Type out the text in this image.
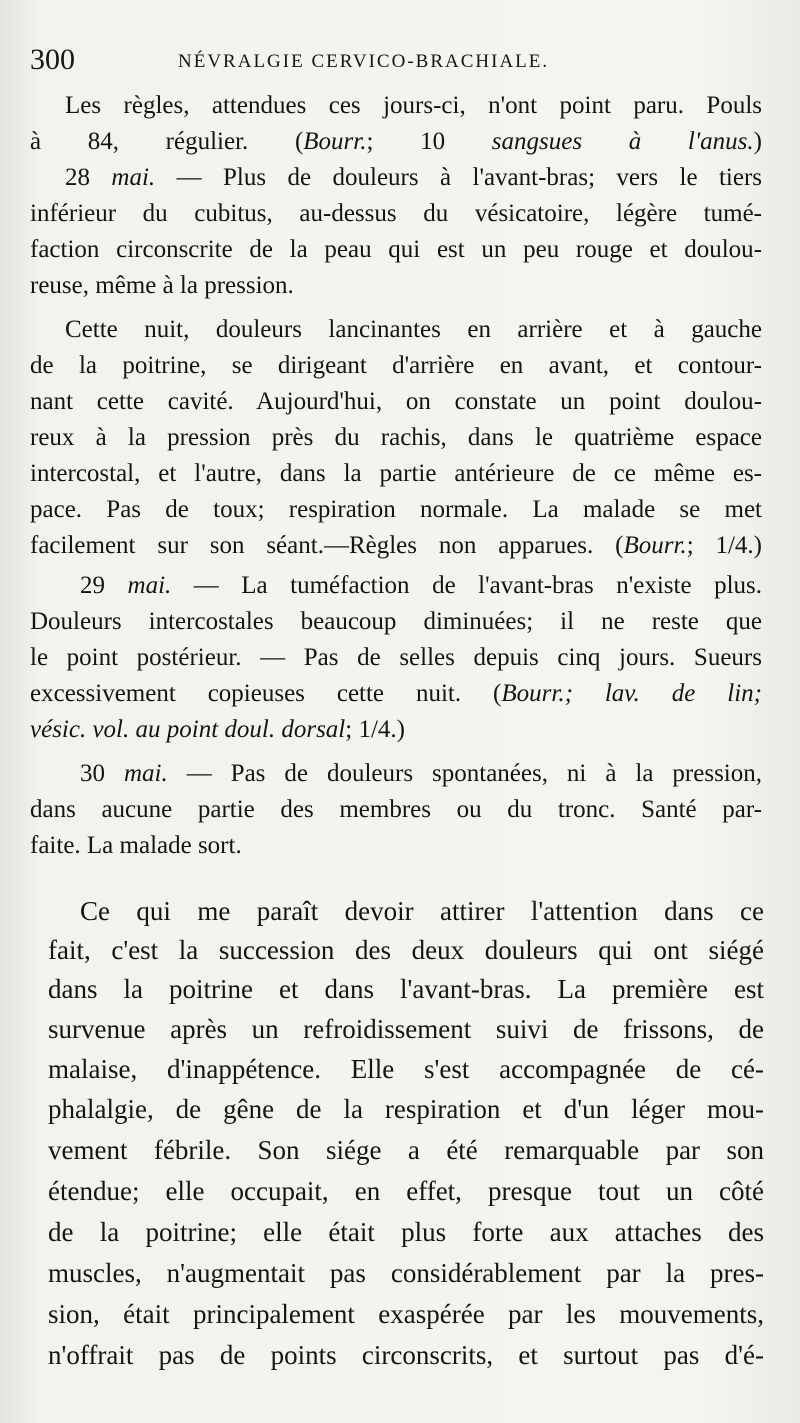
300	NÉVRALGIE CERVICO-BRACHIALE.
Les règles, attendues ces jours-ci, n'ont point paru. Pouls
à 84, régulier. (Bourr.; 10 sangsues à l'anus.)
28 mai. — Plus de douleurs à l'avant-bras; vers le tiers
inférieur du cubitus, au-dessus du vésicatoire, légère tumé-
faction circonscrite de la peau qui est un peu rouge et doulou-
reuse, même à la pression.
Cette nuit, douleurs lancinantes en arrière et à gauche
de la poitrine, se dirigeant d'arrière en avant, et contour-
nant cette cavité. Aujourd'hui, on constate un point doulou-
reux à la pression près du rachis, dans le quatrième espace
intercostal, et l'autre, dans la partie antérieure de ce même es-
pace. Pas de toux; respiration normale. La malade se met
facilement sur son séant.—Règles non apparues. (Bourr.; 1/4.)
29 mai. — La tuméfaction de l'avant-bras n'existe plus.
Douleurs intercostales beaucoup diminuées; il ne reste que
le point postérieur. — Pas de selles depuis cinq jours. Sueurs
excessivement copieuses cette nuit. (Bourr.; lav. de lin;
vésic. vol. au point doul. dorsal; 1/4.)
30 mai. — Pas de douleurs spontanées, ni à la pression,
dans aucune partie des membres ou du tronc. Santé par-
faite. La malade sort.
Ce qui me paraît devoir attirer l'attention dans ce
fait, c'est la succession des deux douleurs qui ont siégé
dans la poitrine et dans l'avant-bras. La première est
survenue après un refroidissement suivi de frissons, de
malaise, d'inappétence. Elle s'est accompagnée de cé-
phalalgie, de gêne de la respiration et d'un léger mou-
vement fébrile. Son siége a été remarquable par son
étendue; elle occupait, en effet, presque tout un côté
de la poitrine; elle était plus forte aux attaches des
muscles, n'augmentait pas considérablement par la pres-
sion, était principalement exaspérée par les mouvements,
n'offrait pas de points circonscrits, et surtout pas d'é-
